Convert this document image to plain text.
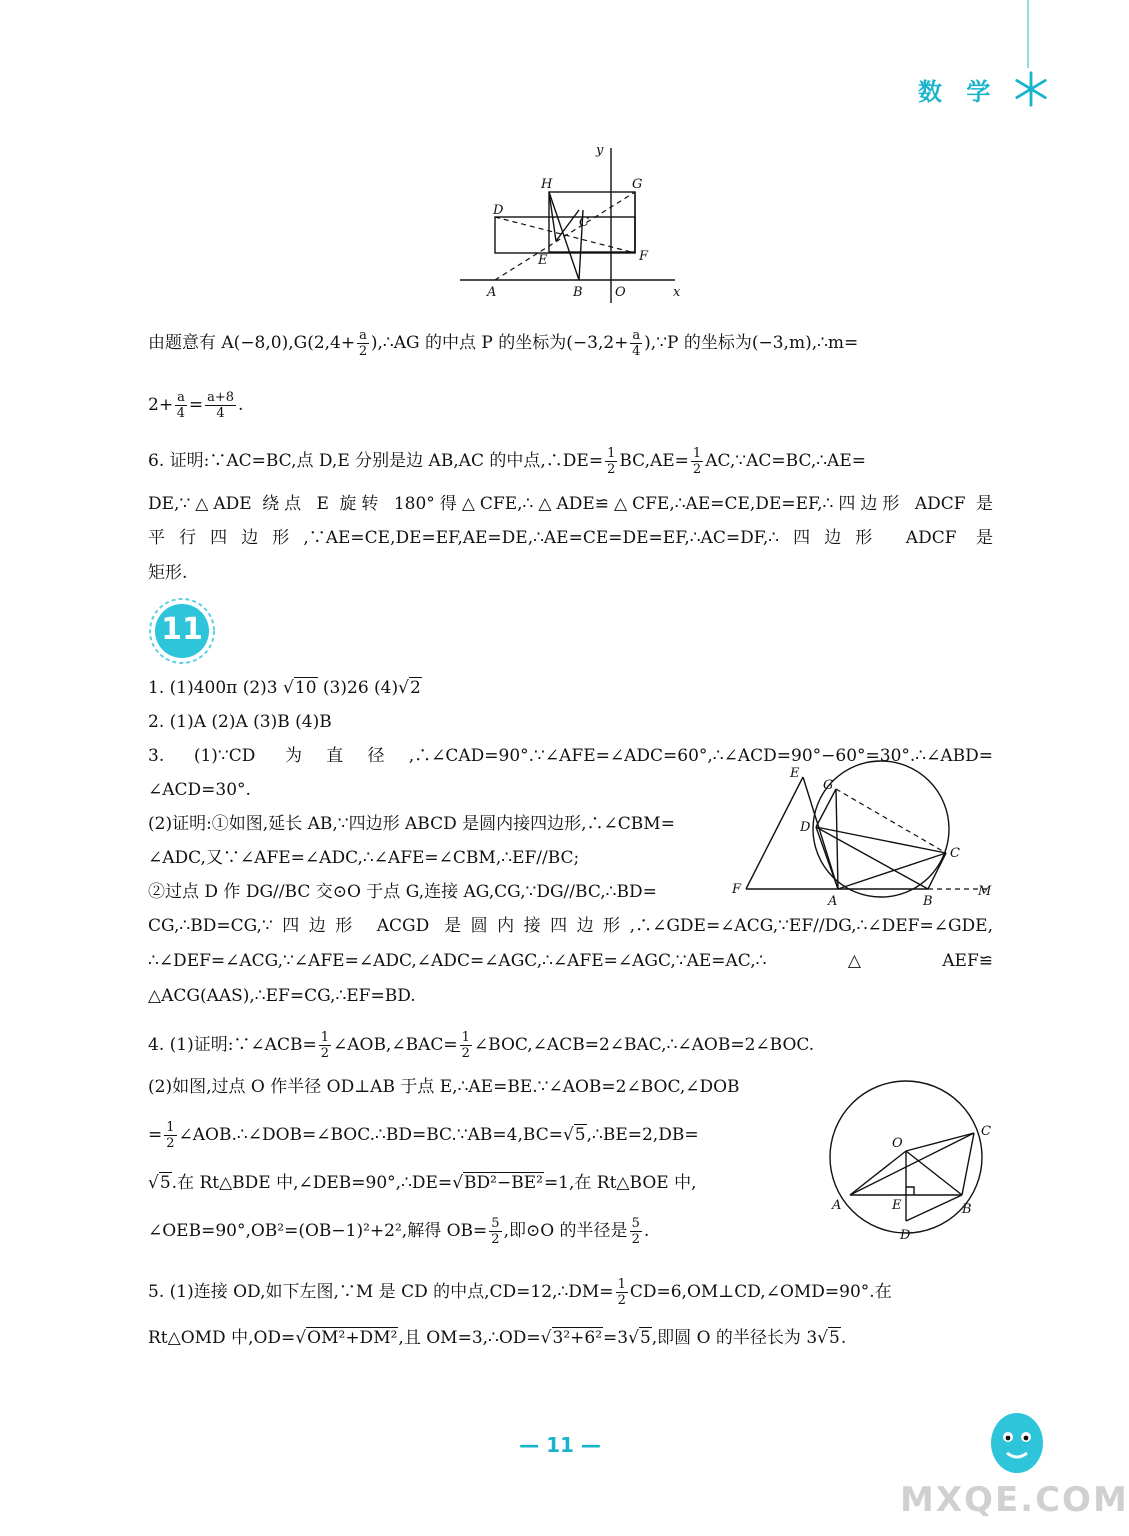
数 学
y
H	G
D
C
E	F
A	B O	x
由题意有 $A(-8,0),G(2,4+ \frac{a}{2}$ ),∴AG 的中点 P 的坐标为($-3,2+ \frac{a}{4}$ ),∵P 的坐标为(−3,m),∴m=
$2+ \frac{a}{4} = \frac{a+8}{4}$ .
6. 证明:∵AC=BC,点 D,E 分别是边 AB,AC 的中点,∴DE= $\frac{1}{2} BC,AE= \frac{1}{2}$ AC,∵AC=BC,∴AE=
DE,∵△ADE 绕点 E 旋转 180°得△CFE,∴△ADE≌△CFE,∴AE=CE,DE=EF,∴四边形 ADCF 是
平行四边形,∵AE=CE,DE=EF,AE=DE,∴AE=CE=DE=EF,∴AC=DF,∴四边形 ADCF 是
矩形.
11
1. (1)400π (2)3 √10 (3)26 (4)√2
2. (1)A (2)A (3)B (4)B
3. (1)∵CD 为直径,∴∠CAD=90°.∵∠AFE=∠ADC=60°,∴∠ACD=90°−60°=30°.∴∠ABD=
∠ACD=30°.
(2)证明:①如图,延长 AB,∵四边形 ABCD 是圆内接四边形,∴∠CBM=
∠ADC,又∵∠AFE=∠ADC,∴∠AFE=∠CBM,∴EF//BC;
②过点 D 作 DG//BC 交⊙O 于点 G,连接 AG,CG,∵DG//BC,∴BD=
CG,∴BD=CG,∵四边形 ACGD 是圆内接四边形,∴∠GDE=∠ACG,∵EF//DG,∴∠DEF=∠GDE,
∴∠DEF=∠ACG,∵∠AFE=∠ADC,∠ADC=∠AGC,∴∠AFE=∠AGC,∵AE=AC,∴△AEF≌
△ACG(AAS),∴EF=CG,∴EF=BD.
E
G
D
C
F
A	B
M
4. (1)证明:∵∠ACB= $\frac{1}{2}$ ∠AOB,∠BAC= $\frac{1}{2}$ ∠BOC,∠ACB=2∠BAC,∴∠AOB=2∠BOC.
(2)如图,过点 O 作半径 OD⊥AB 于点 E,∴AE=BE.∵∠AOB=2∠BOC,∠DOB
= $\frac{1}{2}$ ∠AOB.∴∠DOB=∠BOC.∴BD=BC.∵AB=4,BC=√5,∴BE=2,DB=
√5.在 Rt△BDE 中,∠DEB=90°,∴DE=√BD²−BE²=1,在 Rt△BOE 中,
∠OEB=90°,OB²=(OB−1)²+2²,解得 $OB= \frac{5}{2}$ ,即⊙O 的半径是 $\frac{5}{2}$ .
O
C
A	E	B
D
5. (1)连接 OD,如下左图,∵M 是 CD 的中点,CD=12,∴DM= $\frac{1}{2}$ CD=6,OM⊥CD,∠OMD=90°.在
Rt△OMD 中,OD=√OM²+DM²,且 OM=3,∴OD=√3²+6²=3√5,即圆 O 的半径长为 3√5.
— 11 —
MXQE.COM
